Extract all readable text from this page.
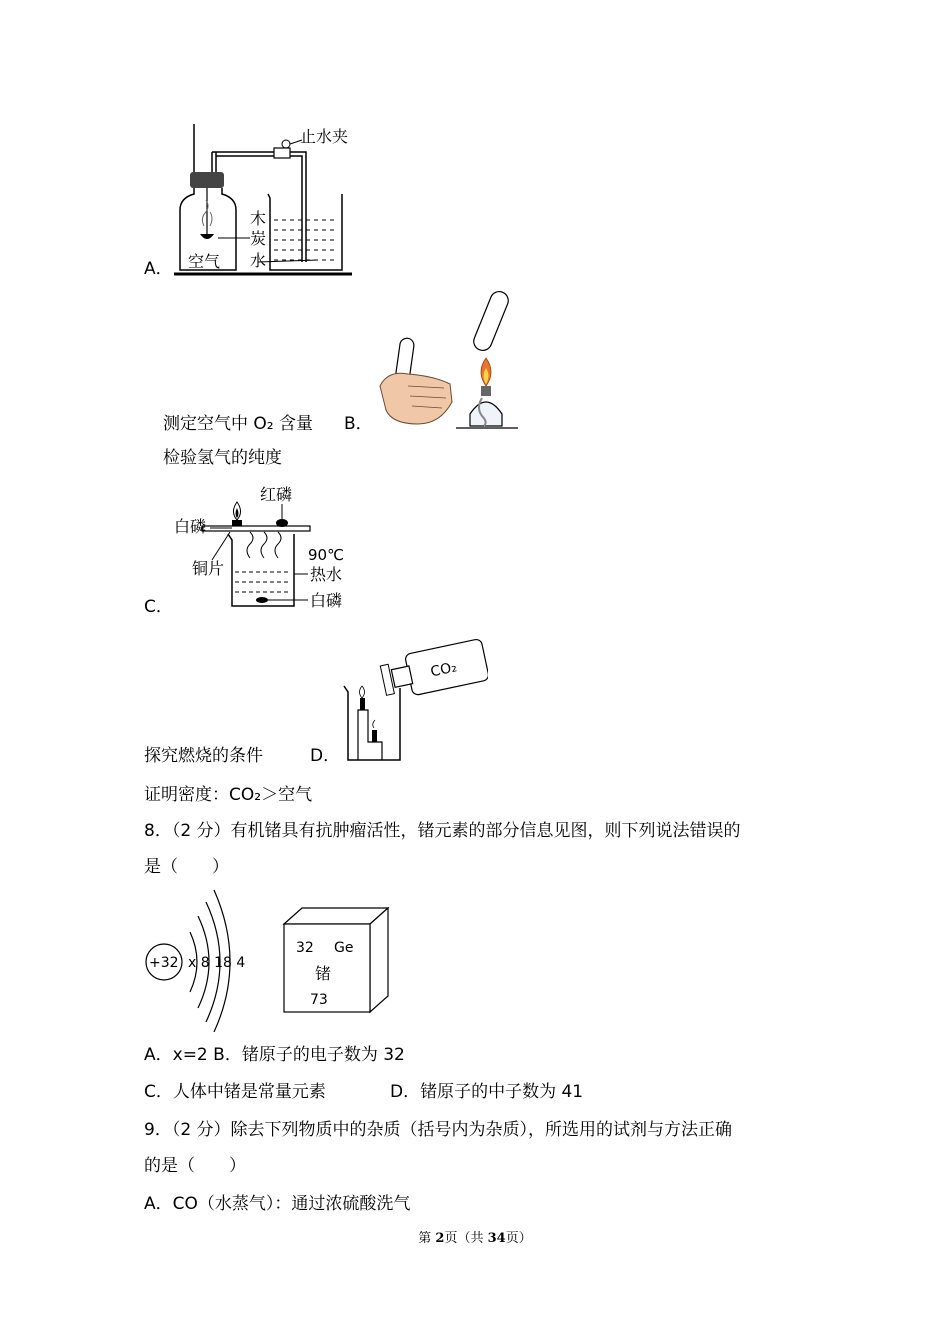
止水夹
木
炭
水
空气
A．
测定空气中 O₂ 含量 B．
检验氢气的纯度
红磷
白磷
铜片
90℃
热水
白磷
C．
CO₂
探究燃烧的条件	D．
证明密度：CO₂＞空气
8．（2 分）有机锗具有抗肿瘤活性，锗元素的部分信息见图，则下列说法错误的
是（　　）
+32 x 8 18 4
32 Ge
锗
73
A．x=2 B．锗原子的电子数为 32
C．人体中锗是常量元素	D．锗原子的中子数为 41
9．（2 分）除去下列物质中的杂质（括号内为杂质），所选用的试剂与方法正确
的是（　　）
A．CO（水蒸气）：通过浓硫酸洗气
第 2页（共 34页）
